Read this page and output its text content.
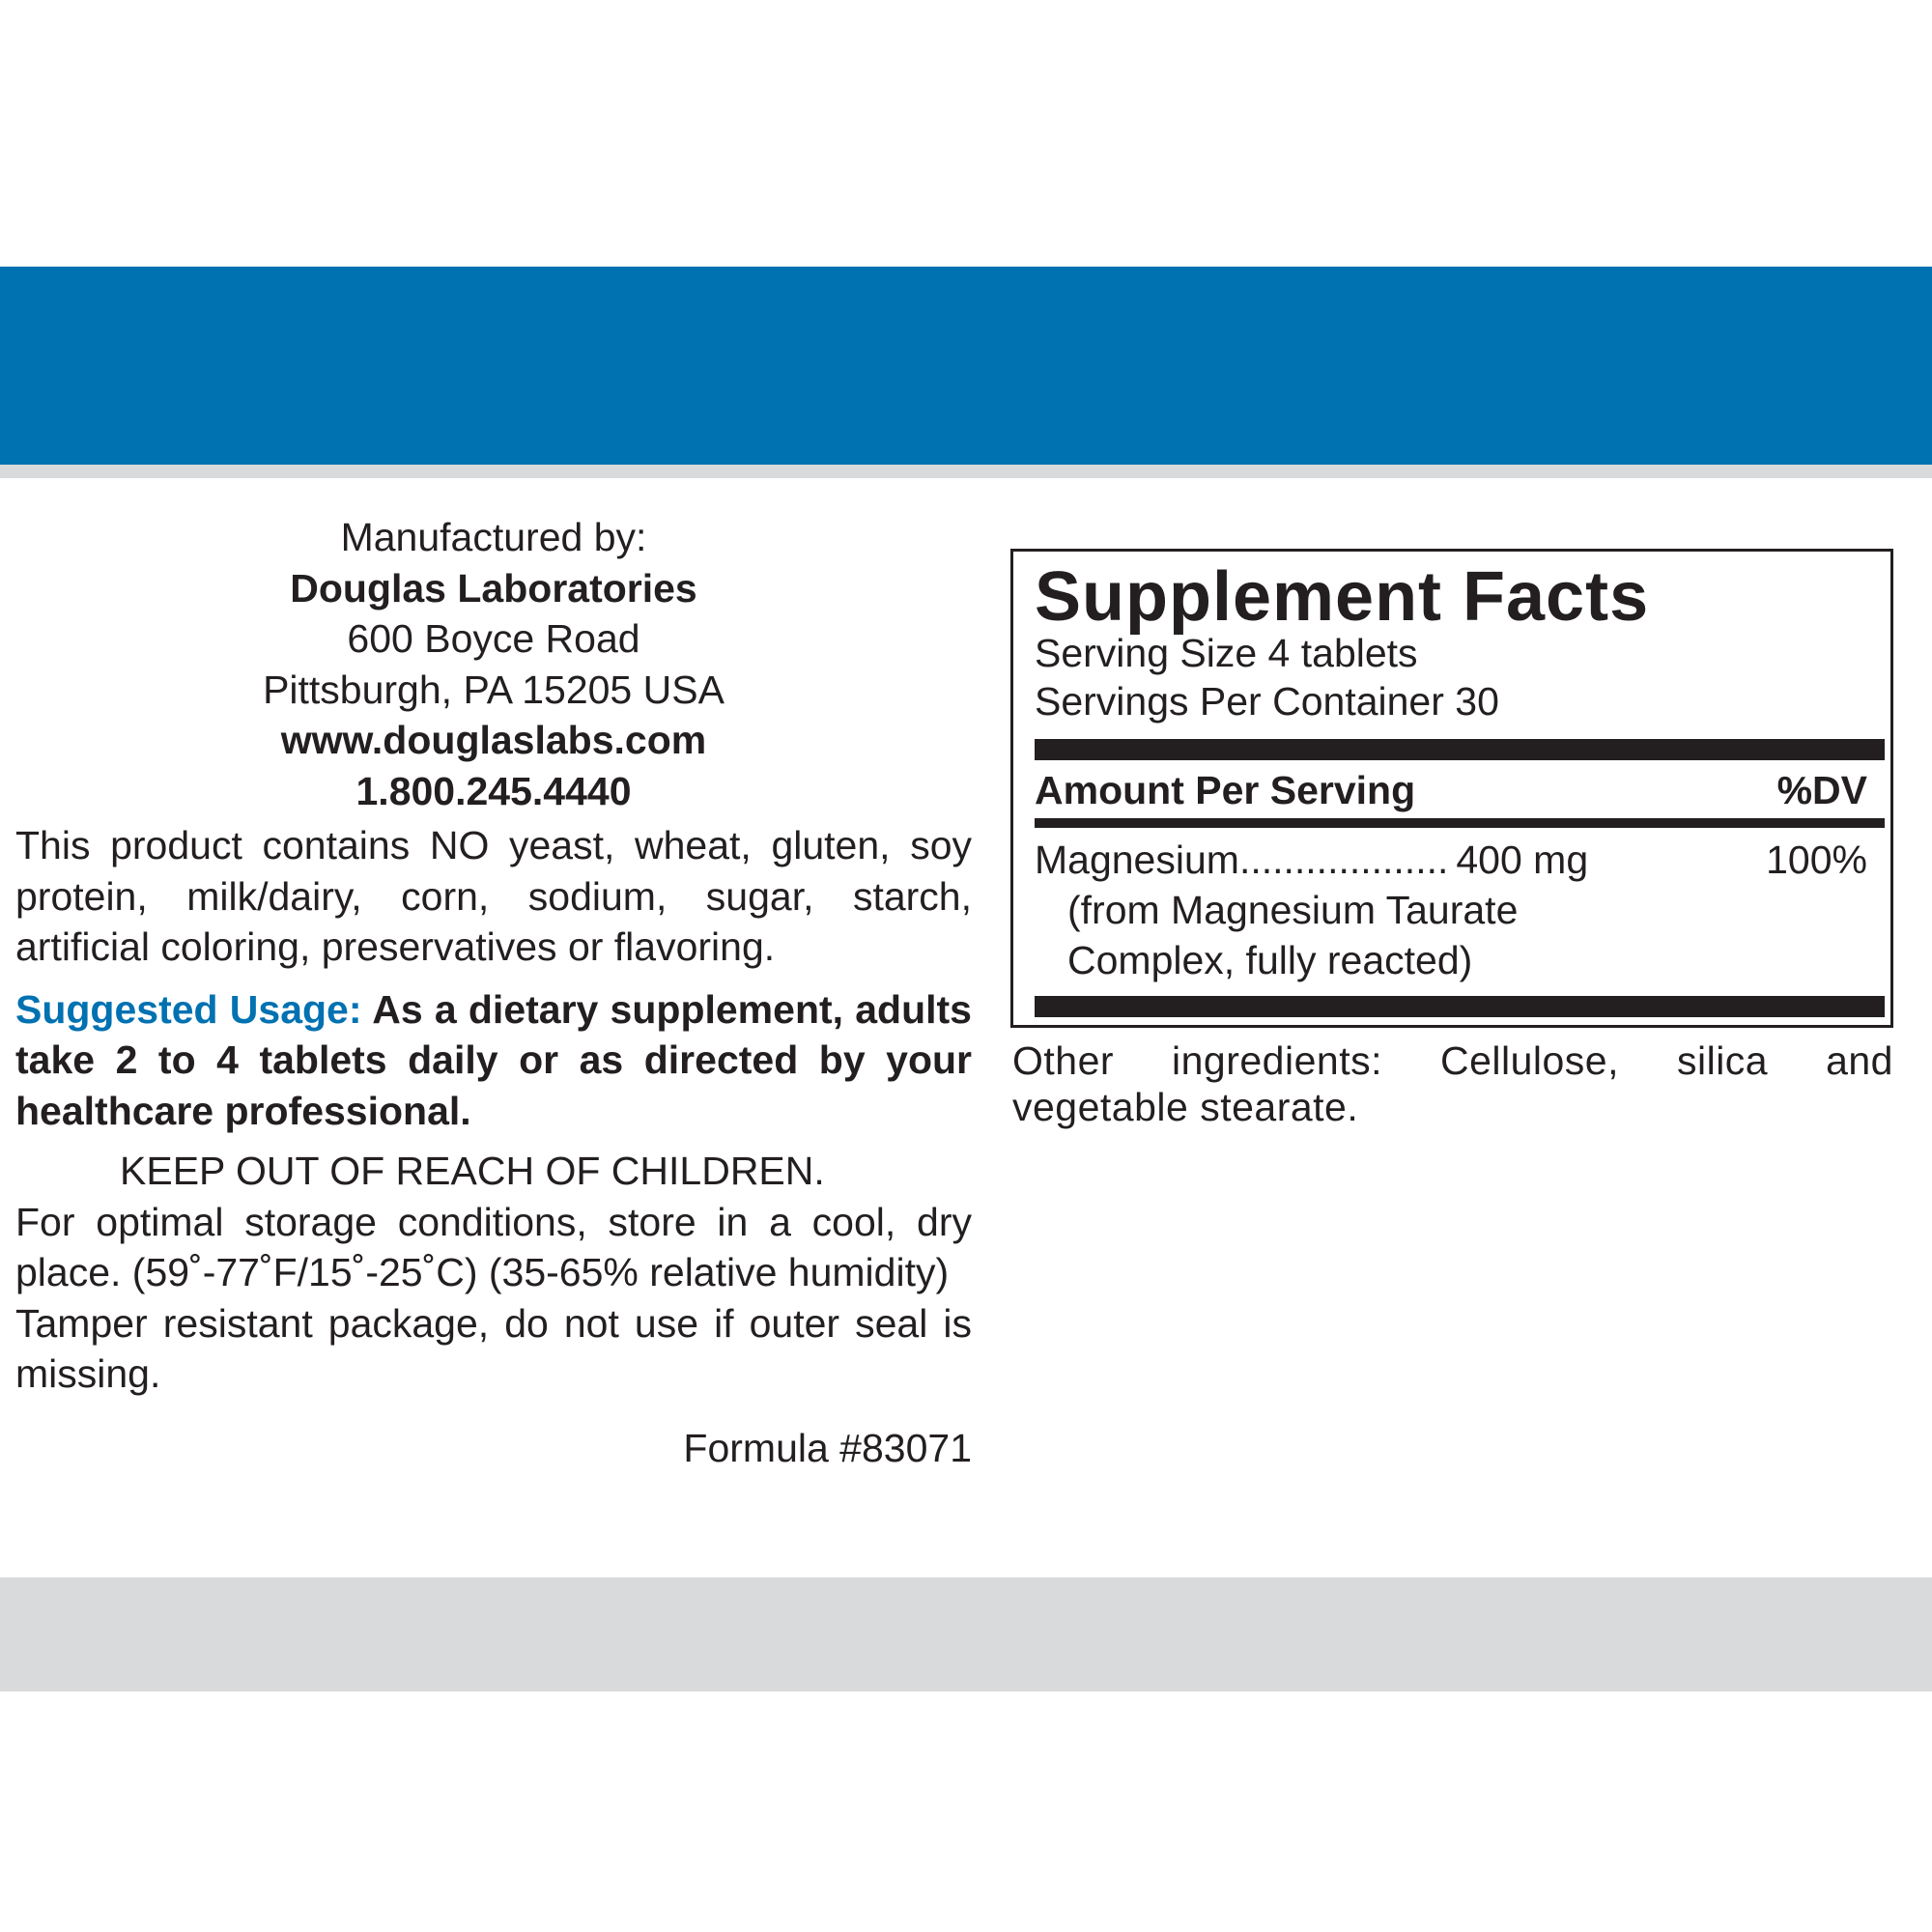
Manufactured by:
Douglas Laboratories
600 Boyce Road
Pittsburgh, PA 15205 USA
www.douglaslabs.com
1.800.245.4440
This product contains NO yeast, wheat, gluten, soy protein, milk/dairy, corn, sodium, sugar, starch, artificial coloring, preservatives or flavoring.
Suggested Usage: As a dietary supplement, adults take 2 to 4 tablets daily or as directed by your healthcare professional.
KEEP OUT OF REACH OF CHILDREN.
For optimal storage conditions, store in a cool, dry place. (59˚-77˚F/15˚-25˚C) (35-65% relative humidity)
Tamper resistant package, do not use if outer seal is missing.
Formula #83071
Supplement Facts
Serving Size 4 tablets
Servings Per Container 30
Amount Per Serving	%DV
Magnesium................... 400 mg	100%
(from Magnesium Taurate
Complex, fully reacted)
Other ingredients: Cellulose, silica and vegetable stearate.
